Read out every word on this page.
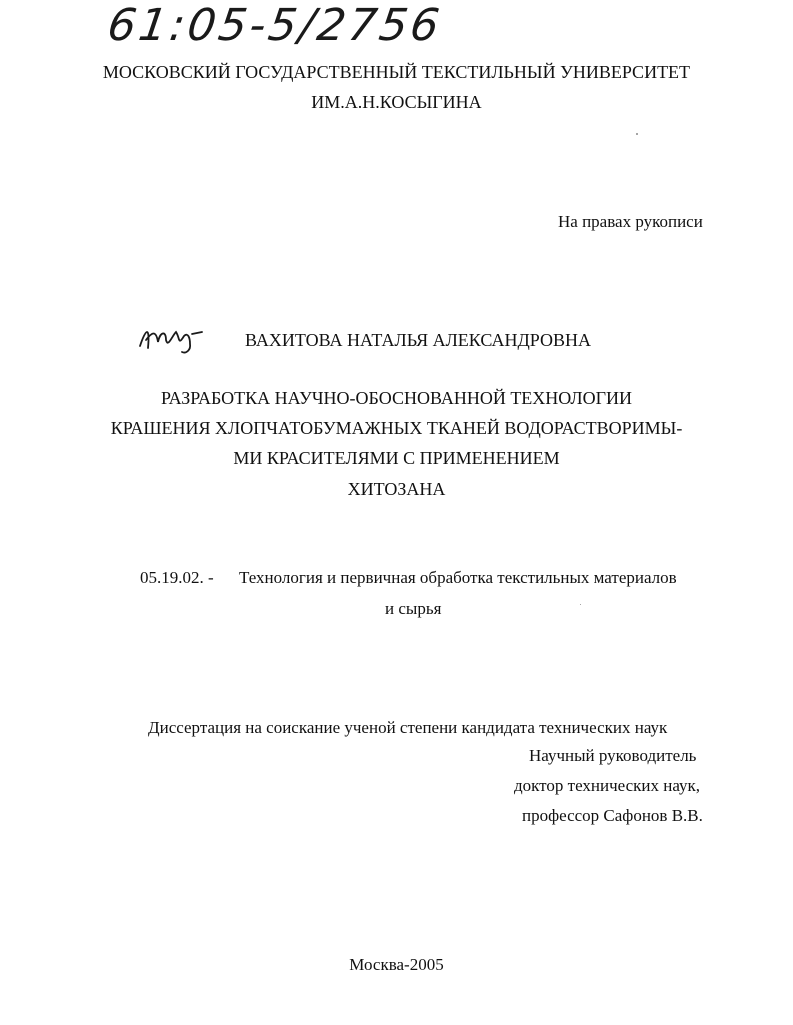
61:05-5/2756
МОСКОВСКИЙ ГОСУДАРСТВЕННЫЙ ТЕКСТИЛЬНЫЙ УНИВЕРСИТЕТ
ИМ.А.Н.КОСЫГИНА
На правах рукописи
ВАХИТОВА НАТАЛЬЯ АЛЕКСАНДРОВНА
РАЗРАБОТКА НАУЧНО-ОБОСНОВАННОЙ ТЕХНОЛОГИИ
КРАШЕНИЯ ХЛОПЧАТОБУМАЖНЫХ ТКАНЕЙ ВОДОРАСТВОРИМЫ-
МИ КРАСИТЕЛЯМИ С ПРИМЕНЕНИЕМ
ХИТОЗАНА
05.19.02. - Технология и первичная обработка текстильных материалов
и сырья
Диссертация на соискание ученой степени кандидата технических наук
Научный руководитель
доктор технических наук,
профессор Сафонов В.В.
Москва-2005
